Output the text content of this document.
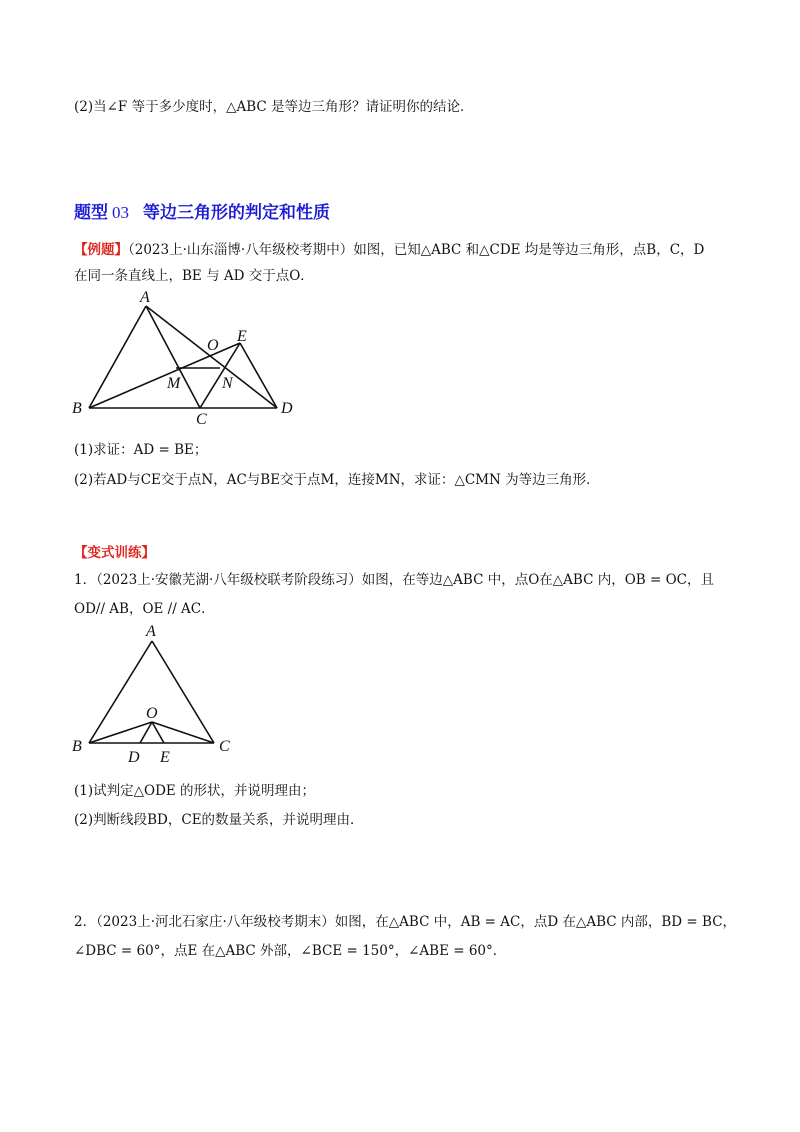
(2)当∠F 等于多少度时，△ABC 是等边三角形？请证明你的结论．
题型 03 等边三角形的判定和性质
【例题】（2023上·山东淄博·八年级校考期中）如图，已知△ABC 和△CDE 均是等边三角形，点B，C，D
在同一条直线上，BE 与 AD 交于点O．
A
B
C
D
E
O
M	N
(1)求证：AD = BE；
(2)若AD与CE交于点N，AC与BE交于点M，连接MN，求证：△CMN 为等边三角形．
【变式训练】
1．（2023上·安徽芜湖·八年级校联考阶段练习）如图，在等边△ABC 中，点O在△ABC 内，OB = OC，且
OD// AB，OE // AC．
A
B	C
D E
O
(1)试判定△ODE 的形状，并说明理由；
(2)判断线段BD，CE的数量关系，并说明理由．
2．（2023上·河北石家庄·八年级校考期末）如图，在△ABC 中，AB = AC，点D 在△ABC 内部，BD = BC，
∠DBC = 60°，点E 在△ABC 外部，∠BCE = 150°，∠ABE = 60°．
